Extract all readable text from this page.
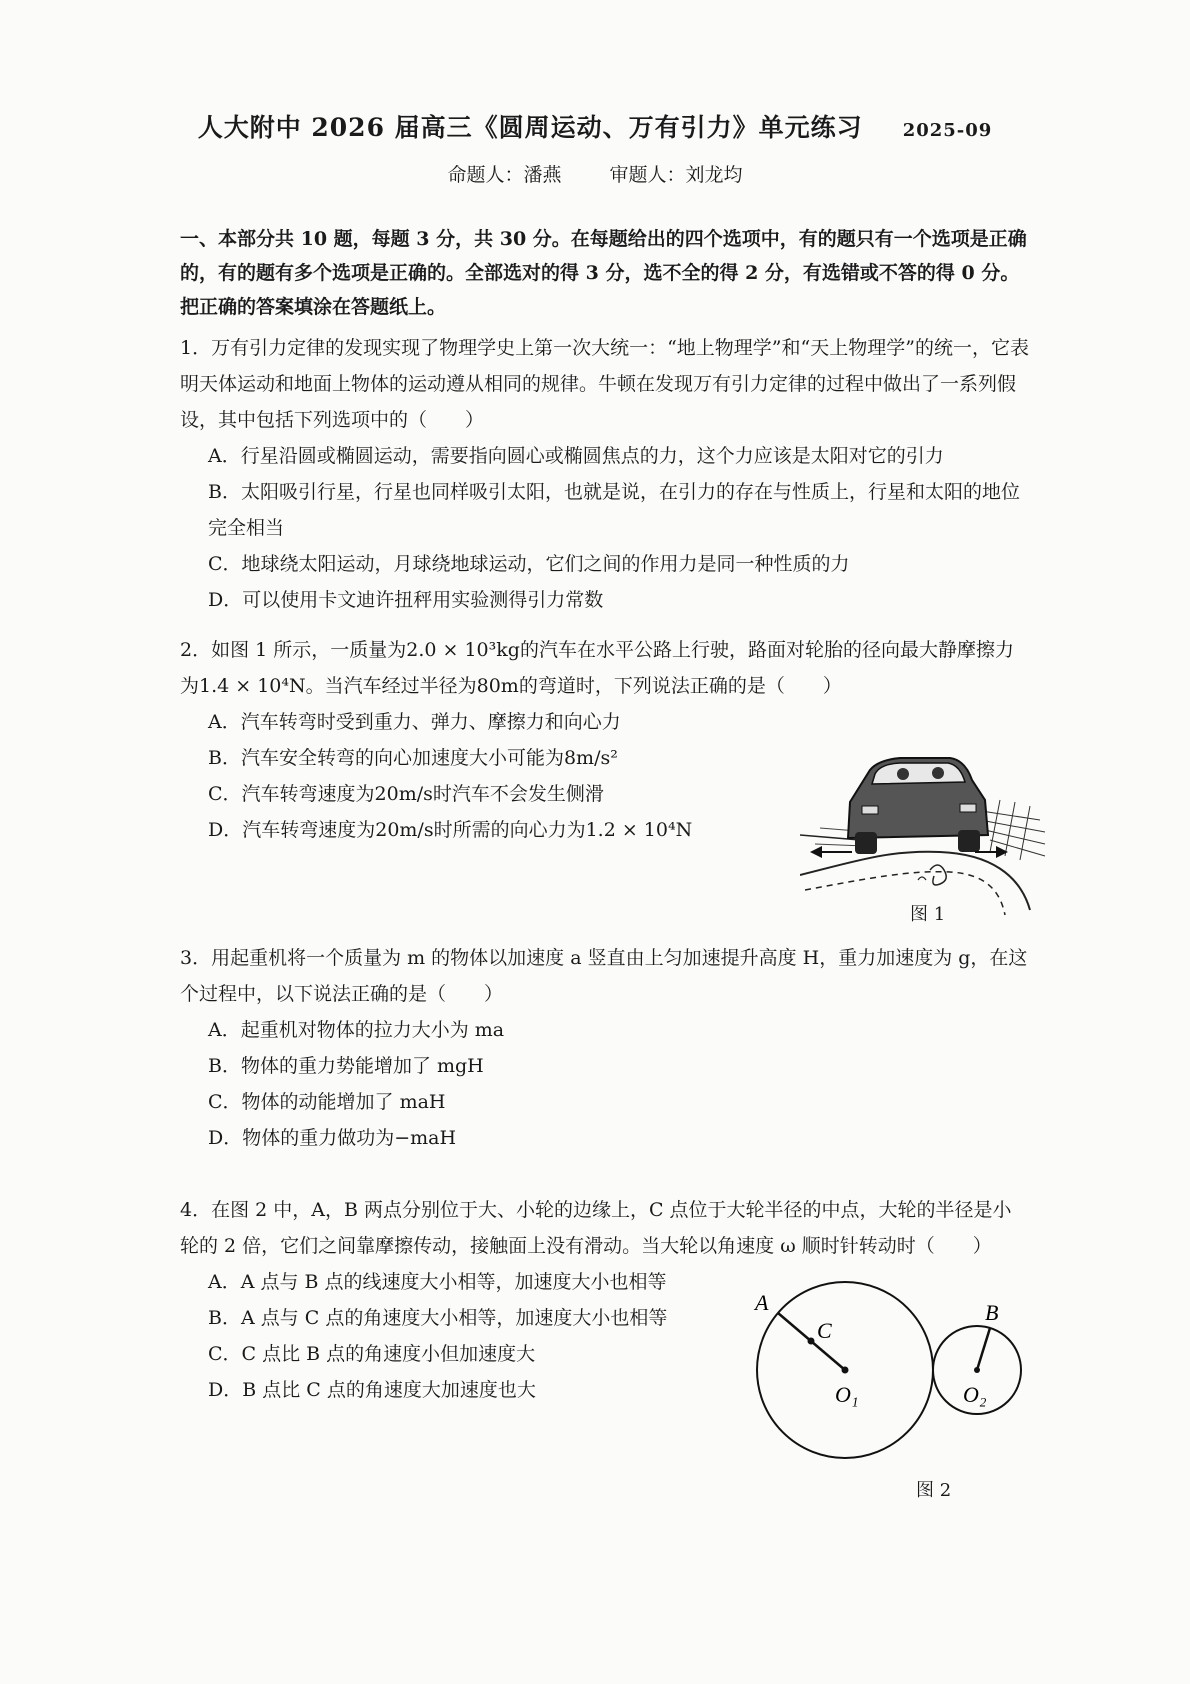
人大附中 2026 届高三《圆周运动、万有引力》单元练习 2025-09
命题人：潘燕	审题人：刘龙均
一、本部分共 10 题，每题 3 分，共 30 分。在每题给出的四个选项中，有的题只有一个选项是正确的，有的题有多个选项是正确的。全部选对的得 3 分，选不全的得 2 分，有选错或不答的得 0 分。把正确的答案填涂在答题纸上。
1．万有引力定律的发现实现了物理学史上第一次大统一：“地上物理学”和“天上物理学”的统一，它表明天体运动和地面上物体的运动遵从相同的规律。牛顿在发现万有引力定律的过程中做出了一系列假设，其中包括下列选项中的（　　）
A．行星沿圆或椭圆运动，需要指向圆心或椭圆焦点的力，这个力应该是太阳对它的引力
B．太阳吸引行星，行星也同样吸引太阳，也就是说，在引力的存在与性质上，行星和太阳的地位完全相当
C．地球绕太阳运动，月球绕地球运动，它们之间的作用力是同一种性质的力
D．可以使用卡文迪许扭秤用实验测得引力常数
2．如图 1 所示，一质量为2.0 × 10³kg的汽车在水平公路上行驶，路面对轮胎的径向最大静摩擦力为1.4 × 10⁴N。当汽车经过半径为80m的弯道时，下列说法正确的是（　　）
A．汽车转弯时受到重力、弹力、摩擦力和向心力
B．汽车安全转弯的向心加速度大小可能为8m/s²
C．汽车转弯速度为20m/s时汽车不会发生侧滑
D．汽车转弯速度为20m/s时所需的向心力为1.2 × 10⁴N
图 1
3．用起重机将一个质量为 m 的物体以加速度 a 竖直由上匀加速提升高度 H，重力加速度为 g，在这个过程中，以下说法正确的是（　　）
A．起重机对物体的拉力大小为 ma
B．物体的重力势能增加了 mgH
C．物体的动能增加了 maH
D．物体的重力做功为−maH
4．在图 2 中，A，B 两点分别位于大、小轮的边缘上，C 点位于大轮半径的中点，大轮的半径是小轮的 2 倍，它们之间靠摩擦传动，接触面上没有滑动。当大轮以角速度 ω 顺时针转动时（　　）
A．A 点与 B 点的线速度大小相等，加速度大小也相等
B．A 点与 C 点的角速度大小相等，加速度大小也相等
C．C 点比 B 点的角速度小但加速度大
D．B 点比 C 点的角速度大加速度也大
A
C
O₁
B
O₂
图 2
